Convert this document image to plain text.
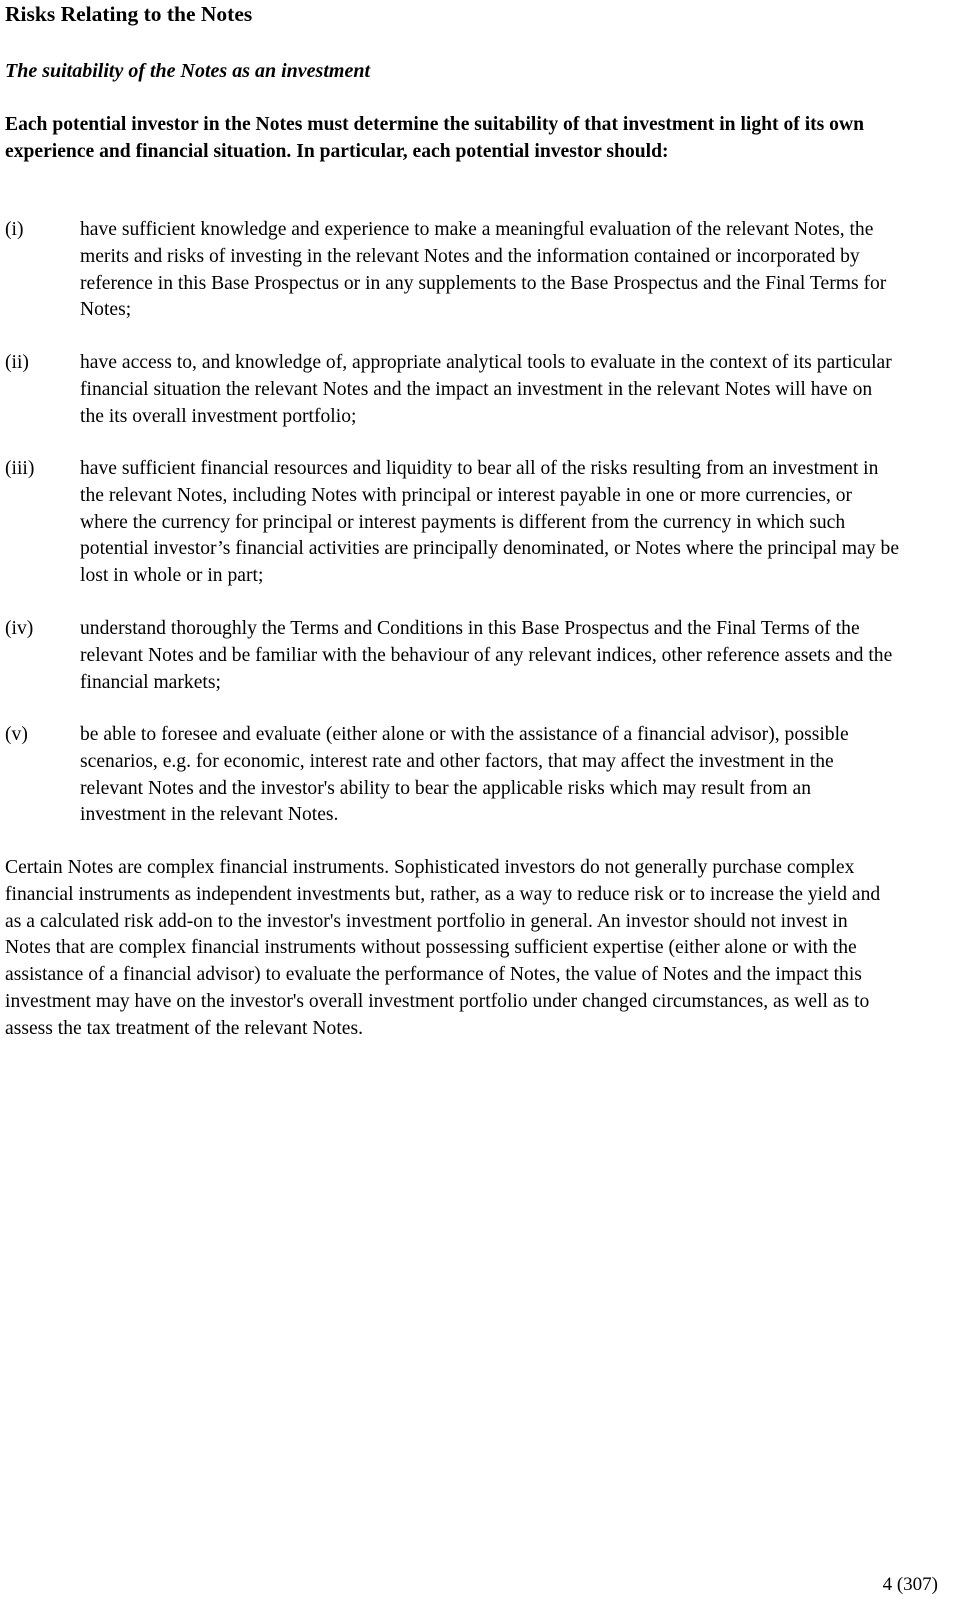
Risks Relating to the Notes
The suitability of the Notes as an investment

Each potential investor in the Notes must determine the suitability of that investment in light of its own experience and financial situation. In particular, each potential investor should:

(i)	have sufficient knowledge and experience to make a meaningful evaluation of the relevant Notes, the merits and risks of investing in the relevant Notes and the information contained or incorporated by reference in this Base Prospectus or in any supplements to the Base Prospectus and the Final Terms for Notes;
(ii)	have access to, and knowledge of, appropriate analytical tools to evaluate in the context of its particular financial situation the relevant Notes and the impact an investment in the relevant Notes will have on the its overall investment portfolio;
(iii) have sufficient financial resources and liquidity to bear all of the risks resulting from an investment in the relevant Notes, including Notes with principal or interest payable in one or more currencies, or where the currency for principal or interest payments is different from the currency in which such potential investor’s financial activities are principally denominated, or Notes where the principal may be lost in whole or in part;
(iv) understand thoroughly the Terms and Conditions in this Base Prospectus and the Final Terms of the relevant Notes and be familiar with the behaviour of any relevant indices, other reference assets and the financial markets;
(v)	be able to foresee and evaluate (either alone or with the assistance of a financial advisor), possible scenarios, e.g. for economic, interest rate and other factors, that may affect the investment in the relevant Notes and the investor's ability to bear the applicable risks which may result from an investment in the relevant Notes.

Certain Notes are complex financial instruments. Sophisticated investors do not generally purchase complex financial instruments as independent investments but, rather, as a way to reduce risk or to increase the yield and as a calculated risk add-on to the investor's investment portfolio in general. An investor should not invest in Notes that are complex financial instruments without possessing sufficient expertise (either alone or with the assistance of a financial advisor) to evaluate the performance of Notes, the value of Notes and the impact this investment may have on the investor's overall investment portfolio under changed circumstances, as well as to assess the tax treatment of the relevant Notes.

4 (307)
